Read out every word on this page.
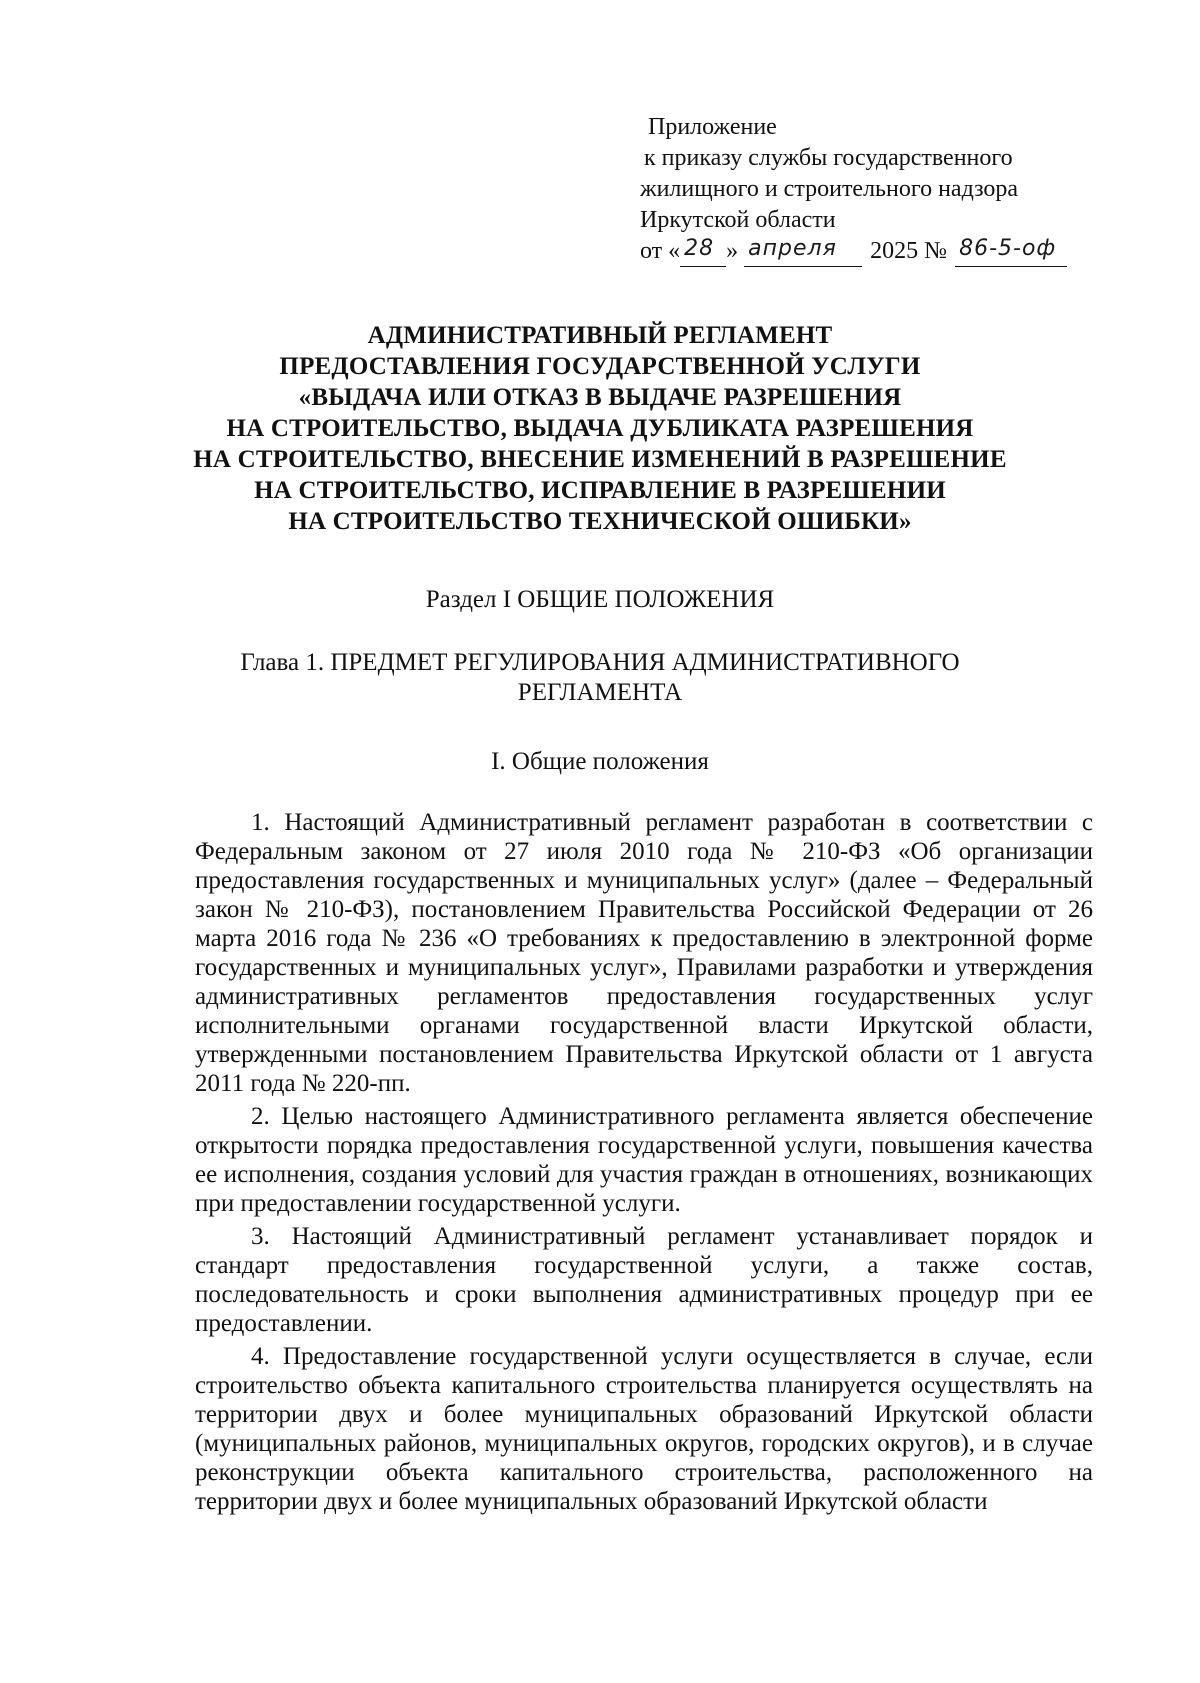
Приложение
к приказу службы государственного
жилищного и строительного надзора
Иркутской области
от « 28 » апреля 2025 № 86-5-оф
АДМИНИСТРАТИВНЫЙ РЕГЛАМЕНТ
ПРЕДОСТАВЛЕНИЯ ГОСУДАРСТВЕННОЙ УСЛУГИ
«ВЫДАЧА ИЛИ ОТКАЗ В ВЫДАЧЕ РАЗРЕШЕНИЯ
НА СТРОИТЕЛЬСТВО, ВЫДАЧА ДУБЛИКАТА РАЗРЕШЕНИЯ
НА СТРОИТЕЛЬСТВО, ВНЕСЕНИЕ ИЗМЕНЕНИЙ В РАЗРЕШЕНИЕ
НА СТРОИТЕЛЬСТВО, ИСПРАВЛЕНИЕ В РАЗРЕШЕНИИ
НА СТРОИТЕЛЬСТВО ТЕХНИЧЕСКОЙ ОШИБКИ»
Раздел I ОБЩИЕ ПОЛОЖЕНИЯ
Глава 1. ПРЕДМЕТ РЕГУЛИРОВАНИЯ АДМИНИСТРАТИВНОГО
РЕГЛАМЕНТА
I. Общие положения

1. Настоящий Административный регламент разработан в соответствии с Федеральным законом от 27 июля 2010 года № 210-ФЗ «Об организации предоставления государственных и муниципальных услуг» (далее – Федеральный закон № 210-ФЗ), постановлением Правительства Российской Федерации от 26 марта 2016 года № 236 «О требованиях к предоставлению в электронной форме государственных и муниципальных услуг», Правилами разработки и утверждения административных регламентов предоставления государственных услуг исполнительными органами государственной власти Иркутской области, утвержденными постановлением Правительства Иркутской области от 1 августа 2011 года № 220-пп.

2. Целью настоящего Административного регламента является обеспечение открытости порядка предоставления государственной услуги, повышения качества ее исполнения, создания условий для участия граждан в отношениях, возникающих при предоставлении государственной услуги.

3. Настоящий Административный регламент устанавливает порядок и стандарт предоставления государственной услуги, а также состав, последовательность и сроки выполнения административных процедур при ее предоставлении.

4. Предоставление государственной услуги осуществляется в случае, если строительство объекта капитального строительства планируется осуществлять на территории двух и более муниципальных образований Иркутской области (муниципальных районов, муниципальных округов, городских округов), и в случае реконструкции объекта капитального строительства, расположенного на территории двух и более муниципальных образований Иркутской области
